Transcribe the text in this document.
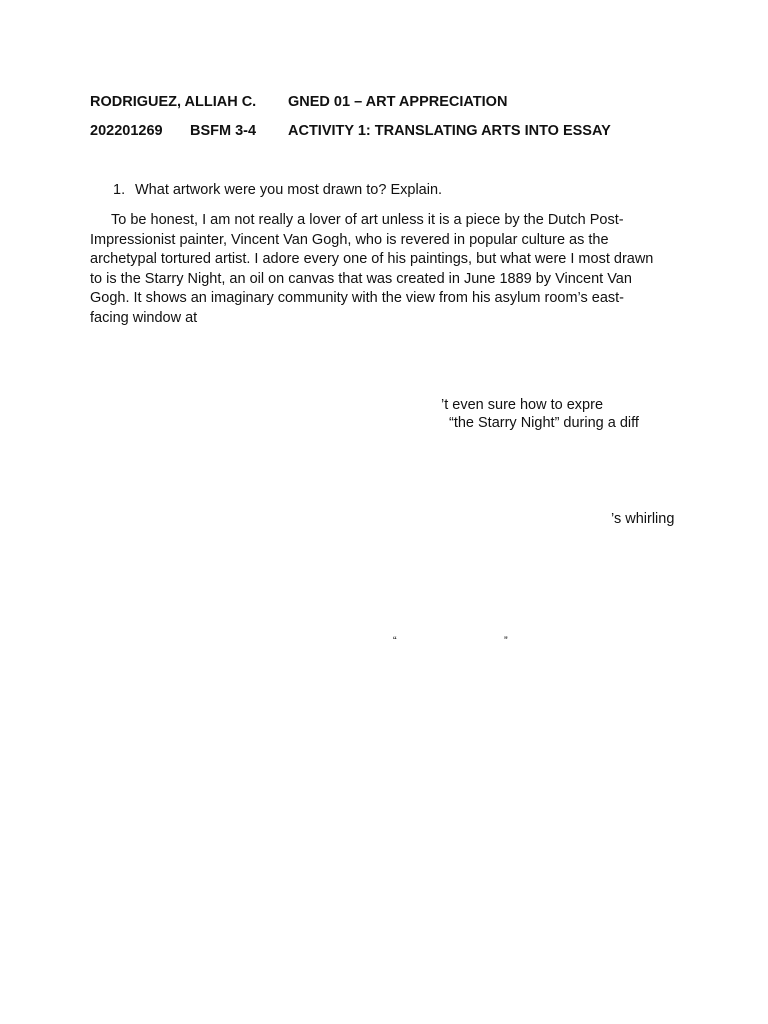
RODRIGUEZ, ALLIAH C. GNED 01 – ART APPRECIATION
202201269 BSFM 3-4 ACTIVITY 1: TRANSLATING ARTS INTO ESSAY
1. What artwork were you most drawn to? Explain.
To be honest, I am not really a lover of art unless it is a piece by the Dutch Post-
Impressionist painter, Vincent Van Gogh, who is revered in popular culture as the
archetypal tortured artist. I adore every one of his paintings, but what were I most drawn
to is the Starry Night, an oil on canvas that was created in June 1889 by Vincent Van
Gogh. It shows an imaginary community with the view from his asylum room’s east-
facing window at
’t even sure how to expre
“the Starry Night” during a diff
’s whirling
“	”
